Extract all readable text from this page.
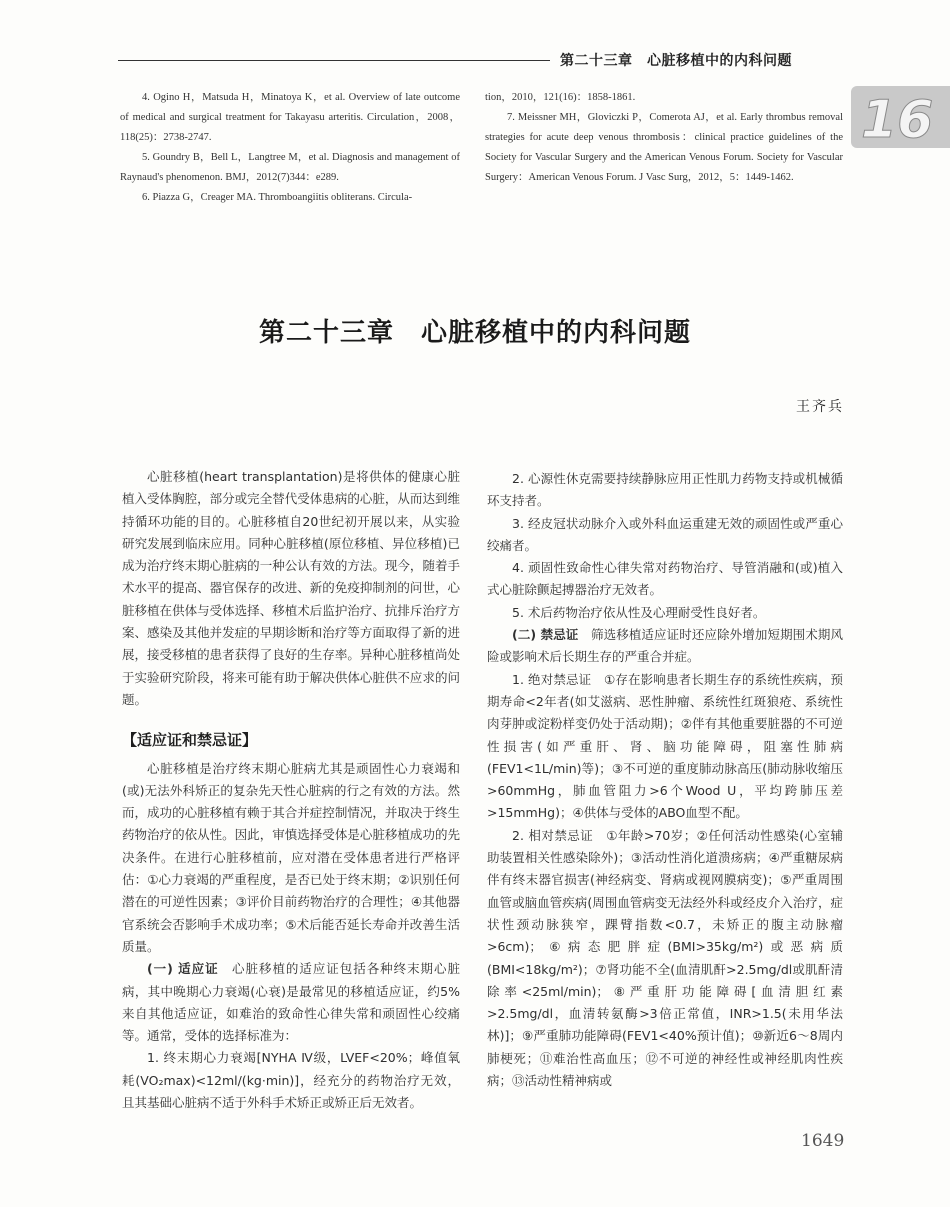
第二十三章　心脏移植中的内科问题
16

4. Ogino H，Matsuda H，Minatoya K，et al. Overview of late outcome of medical and surgical treatment for Takayasu arteritis. Circulation，2008，118(25)：2738-2747.

5. Goundry B，Bell L，Langtree M，et al. Diagnosis and management of Raynaud's phenomenon. BMJ，2012(7)344：e289.

6. Piazza G，Creager MA. Thromboangiitis obliterans. Circula-

tion，2010，121(16)：1858-1861.

7. Meissner MH，Gloviczki P，Comerota AJ，et al. Early thrombus removal strategies for acute deep venous thrombosis：clinical practice guidelines of the Society for Vascular Surgery and the American Venous Forum. Society for Vascular Surgery：American Venous Forum. J Vasc Surg，2012，5：1449-1462.

第二十三章　心脏移植中的内科问题
王齐兵

心脏移植(heart transplantation)是将供体的健康心脏植入受体胸腔，部分或完全替代受体患病的心脏，从而达到维持循环功能的目的。心脏移植自20世纪初开展以来，从实验研究发展到临床应用。同种心脏移植(原位移植、异位移植)已成为治疗终末期心脏病的一种公认有效的方法。现今，随着手术水平的提高、器官保存的改进、新的免疫抑制剂的问世，心脏移植在供体与受体选择、移植术后监护治疗、抗排斥治疗方案、感染及其他并发症的早期诊断和治疗等方面取得了新的进展，接受移植的患者获得了良好的生存率。异种心脏移植尚处于实验研究阶段，将来可能有助于解决供体心脏供不应求的问题。

【适应证和禁忌证】

心脏移植是治疗终末期心脏病尤其是顽固性心力衰竭和(或)无法外科矫正的复杂先天性心脏病的行之有效的方法。然而，成功的心脏移植有赖于其合并症控制情况，并取决于终生药物治疗的依从性。因此，审慎选择受体是心脏移植成功的先决条件。在进行心脏移植前，应对潜在受体患者进行严格评估：①心力衰竭的严重程度，是否已处于终末期；②识别任何潜在的可逆性因素；③评价目前药物治疗的合理性；④其他器官系统会否影响手术成功率；⑤术后能否延长寿命并改善生活质量。

(一) 适应证　 心脏移植的适应证包括各种终末期心脏病，其中晚期心力衰竭(心衰)是最常见的移植适应证，约5%来自其他适应证，如难治的致命性心律失常和顽固性心绞痛等。通常，受体的选择标准为：

1. 终末期心力衰竭[NYHA Ⅳ级，LVEF<20%；峰值氧耗(VO₂max)<12ml/(kg·min)]，经充分的药物治疗无效，且其基础心脏病不适于外科手术矫正或矫正后无效者。

2. 心源性休克需要持续静脉应用正性肌力药物支持或机械循环支持者。

3. 经皮冠状动脉介入或外科血运重建无效的顽固性或严重心绞痛者。

4. 顽固性致命性心律失常对药物治疗、导管消融和(或)植入式心脏除颤起搏器治疗无效者。

5. 术后药物治疗依从性及心理耐受性良好者。

(二) 禁忌证　 筛选移植适应证时还应除外增加短期围术期风险或影响术后长期生存的严重合并症。

1. 绝对禁忌证　 ①存在影响患者长期生存的系统性疾病，预期寿命<2年者(如艾滋病、恶性肿瘤、系统性红斑狼疮、系统性肉芽肿或淀粉样变仍处于活动期)；②伴有其他重要脏器的不可逆性损害(如严重肝、肾、脑功能障碍，阻塞性肺病(FEV1<1L/min)等)；③不可逆的重度肺动脉高压(肺动脉收缩压>60mmHg，肺血管阻力>6个Wood U，平均跨肺压差>15mmHg)；④供体与受体的ABO血型不配。

2. 相对禁忌证　 ①年龄>70岁；②任何活动性感染(心室辅助装置相关性感染除外)；③活动性消化道溃疡病；④严重糖尿病伴有终末器官损害(神经病变、肾病或视网膜病变)；⑤严重周围血管或脑血管疾病(周围血管病变无法经外科或经皮介入治疗，症状性颈动脉狭窄，踝臂指数<0.7，未矫正的腹主动脉瘤>6cm)；⑥病态肥胖症(BMI>35kg/m²)或恶病质(BMI<18kg/m²)；⑦肾功能不全(血清肌酐>2.5mg/dl或肌酐清除率<25ml/min)；⑧严重肝功能障碍[血清胆红素>2.5mg/dl，血清转氨酶>3倍正常值，INR>1.5(未用华法林)]；⑨严重肺功能障碍(FEV1<40%预计值)；⑩新近6～8周内肺梗死；⑪难治性高血压；⑫不可逆的神经性或神经肌肉性疾病；⑬活动性精神病或

1649
